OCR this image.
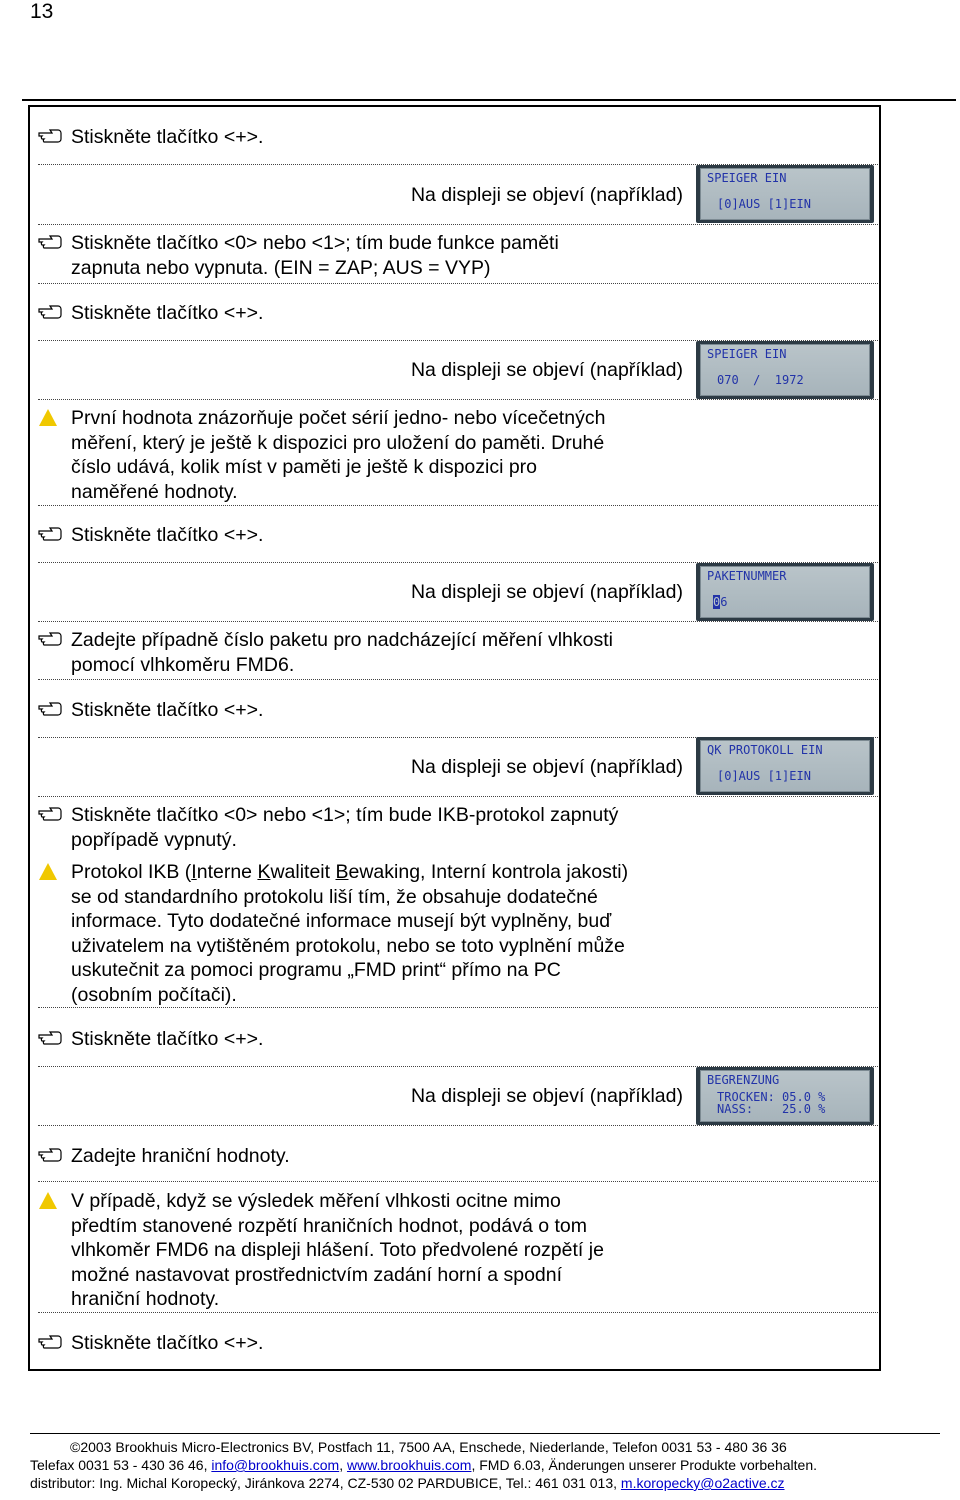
13
Stiskněte tlačítko <+>.
Na displeji se objeví (například)
SPEIGER EIN
[0]AUS [1]EIN
Stiskněte tlačítko <0> nebo <1>; tím bude funkce paměti
zapnuta nebo vypnuta. (EIN = ZAP; AUS = VYP)
Stiskněte tlačítko <+>.
Na displeji se objeví (například)
SPEIGER EIN
070  /  1972
První hodnota znázorňuje počet sérií jedno- nebo vícečetných
měření, který je ještě k dispozici pro uložení do paměti. Druhé
číslo udává, kolik míst v paměti je ještě k dispozici pro
naměřené hodnoty.
Stiskněte tlačítko <+>.
Na displeji se objeví (například)
PAKETNUMMER
06
Zadejte případně číslo paketu pro nadcházející měření vlhkosti
pomocí vlhkoměru FMD6.
Stiskněte tlačítko <+>.
Na displeji se objeví (například)
QK PROTOKOLL EIN
[0]AUS [1]EIN
Stiskněte tlačítko <0> nebo <1>; tím bude IKB-protokol zapnutý
popřípadě vypnutý.
Protokol IKB (Interne Kwaliteit Bewaking, Interní kontrola jakosti)
se od standardního protokolu liší tím, že obsahuje dodatečné
informace. Tyto dodatečné informace musejí být vyplněny, buď
uživatelem na vytištěném protokolu, nebo se toto vyplnění může
uskutečnit za pomoci programu „FMD print“ přímo na PC
(osobním počítači).
Stiskněte tlačítko <+>.
Na displeji se objeví (například)
BEGRENZUNG
TROCKEN: 05.0 %
NASS:    25.0 %
Zadejte hraniční hodnoty.
V případě, když se výsledek měření vlhkosti ocitne mimo
předtím stanovené rozpětí hraničních hodnot, podává o tom
vlhkoměr FMD6 na displeji hlášení. Toto předvolené rozpětí je
možné nastavovat prostřednictvím zadání horní a spodní
hraniční hodnoty.
Stiskněte tlačítko <+>.
©2003 Brookhuis Micro-Electronics BV, Postfach 11, 7500 AA, Enschede, Niederlande, Telefon 0031 53 - 480 36 36
Telefax 0031 53 - 430 36 46, info@brookhuis.com, www.brookhuis.com, FMD 6.03, Änderungen unserer Produkte vorbehalten.
distributor: Ing. Michal Koropecký, Jiránkova 2274, CZ-530 02 PARDUBICE, Tel.: 461 031 013, m.koropecky@o2active.cz
